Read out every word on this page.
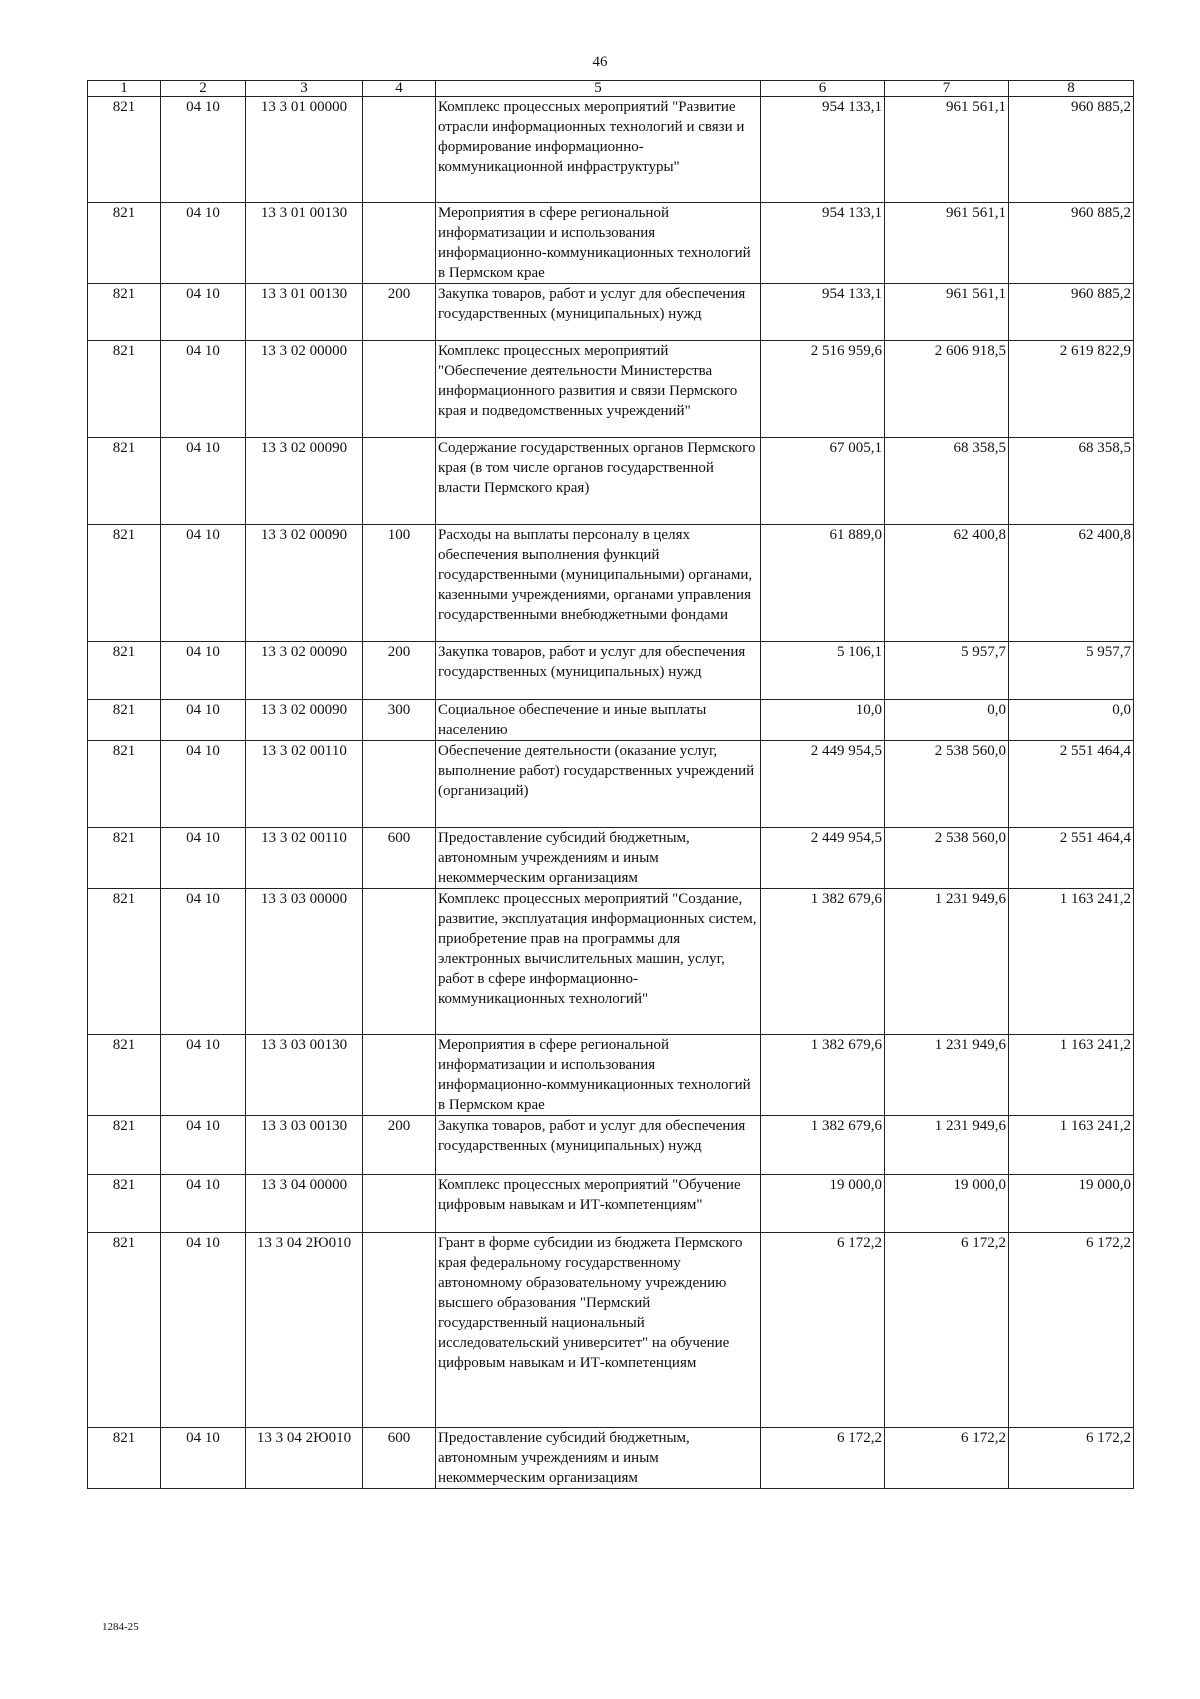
46
1	2	3	4	5	6	7	8
821	04 10	13 3 01 00000		Комплекс процессных мероприятий "Развитие отрасли информационных технологий и связи и формирование информационно-коммуникационной инфраструктуры"	954 133,1	961 561,1	960 885,2
821	04 10	13 3 01 00130		Мероприятия в сфере региональной информатизации и использования информационно-коммуникационных технологий в Пермском крае	954 133,1	961 561,1	960 885,2
821	04 10	13 3 01 00130	200	Закупка товаров, работ и услуг для обеспечения государственных (муниципальных) нужд	954 133,1	961 561,1	960 885,2
821	04 10	13 3 02 00000		Комплекс процессных мероприятий "Обеспечение деятельности Министерства информационного развития и связи Пермского края и подведомственных учреждений"	2 516 959,6	2 606 918,5	2 619 822,9
821	04 10	13 3 02 00090		Содержание государственных органов Пермского края (в том числе органов государственной власти Пермского края)	67 005,1	68 358,5	68 358,5
821	04 10	13 3 02 00090	100	Расходы на выплаты персоналу в целях обеспечения выполнения функций государственными (муниципальными) органами, казенными учреждениями, органами управления государственными внебюджетными фондами	61 889,0	62 400,8	62 400,8
821	04 10	13 3 02 00090	200	Закупка товаров, работ и услуг для обеспечения государственных (муниципальных) нужд	5 106,1	5 957,7	5 957,7
821	04 10	13 3 02 00090	300	Социальное обеспечение и иные выплаты населению	10,0	0,0	0,0
821	04 10	13 3 02 00110		Обеспечение деятельности (оказание услуг, выполнение работ) государственных учреждений (организаций)	2 449 954,5	2 538 560,0	2 551 464,4
821	04 10	13 3 02 00110	600	Предоставление субсидий бюджетным, автономным учреждениям и иным некоммерческим организациям	2 449 954,5	2 538 560,0	2 551 464,4
821	04 10	13 3 03 00000		Комплекс процессных мероприятий "Создание, развитие, эксплуатация информационных систем, приобретение прав на программы для электронных вычислительных машин, услуг, работ в сфере информационно-коммуникационных технологий"	1 382 679,6	1 231 949,6	1 163 241,2
821	04 10	13 3 03 00130		Мероприятия в сфере региональной информатизации и использования информационно-коммуникационных технологий в Пермском крае	1 382 679,6	1 231 949,6	1 163 241,2
821	04 10	13 3 03 00130	200	Закупка товаров, работ и услуг для обеспечения государственных (муниципальных) нужд	1 382 679,6	1 231 949,6	1 163 241,2
821	04 10	13 3 04 00000		Комплекс процессных мероприятий "Обучение цифровым навыкам и ИТ-компетенциям"	19 000,0	19 000,0	19 000,0
821	04 10	13 3 04 2Ю010		Грант в форме субсидии из бюджета Пермского края федеральному государственному автономному образовательному учреждению высшего образования "Пермский государственный национальный исследовательский университет" на обучение цифровым навыкам и ИТ-компетенциям	6 172,2	6 172,2	6 172,2
821	04 10	13 3 04 2Ю010	600	Предоставление субсидий бюджетным, автономным учреждениям и иным некоммерческим организациям	6 172,2	6 172,2	6 172,2
1284-25
